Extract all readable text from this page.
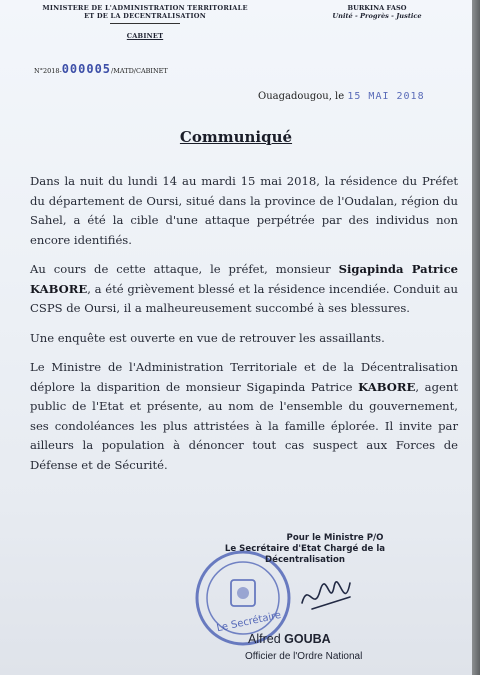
MINISTERE DE L'ADMINISTRATION TERRITORIALE
ET DE LA DECENTRALISATION
CABINET
BURKINA FASO
Unité - Progrès - Justice
N°2018-000005/MATD/CABINET
Ouagadougou, le 15 MAI 2018
Communiqué

Dans la nuit du lundi 14 au mardi 15 mai 2018, la résidence du Préfet du département de Oursi, situé dans la province de l'Oudalan, région du Sahel, a été la cible d'une attaque perpétrée par des individus non encore identifiés.

Au cours de cette attaque, le préfet, monsieur Sigapinda Patrice KABORE, a été grièvement blessé et la résidence incendiée. Conduit au CSPS de Oursi, il a malheureusement succombé à ses blessures.

Une enquête est ouverte en vue de retrouver les assaillants.

Le Ministre de l'Administration Territoriale et de la Décentralisation déplore la disparition de monsieur Sigapinda Patrice KABORE, agent public de l'Etat et présente, au nom de l'ensemble du gouvernement, ses condoléances les plus attristées à la famille éplorée. Il invite par ailleurs la population à dénoncer tout cas suspect aux Forces de Défense et de Sécurité.

Le Secrétaire
Pour le Ministre P/O
Le Secrétaire d'Etat Chargé de la
Décentralisation
Alfred GOUBA
Officier de l'Ordre National
